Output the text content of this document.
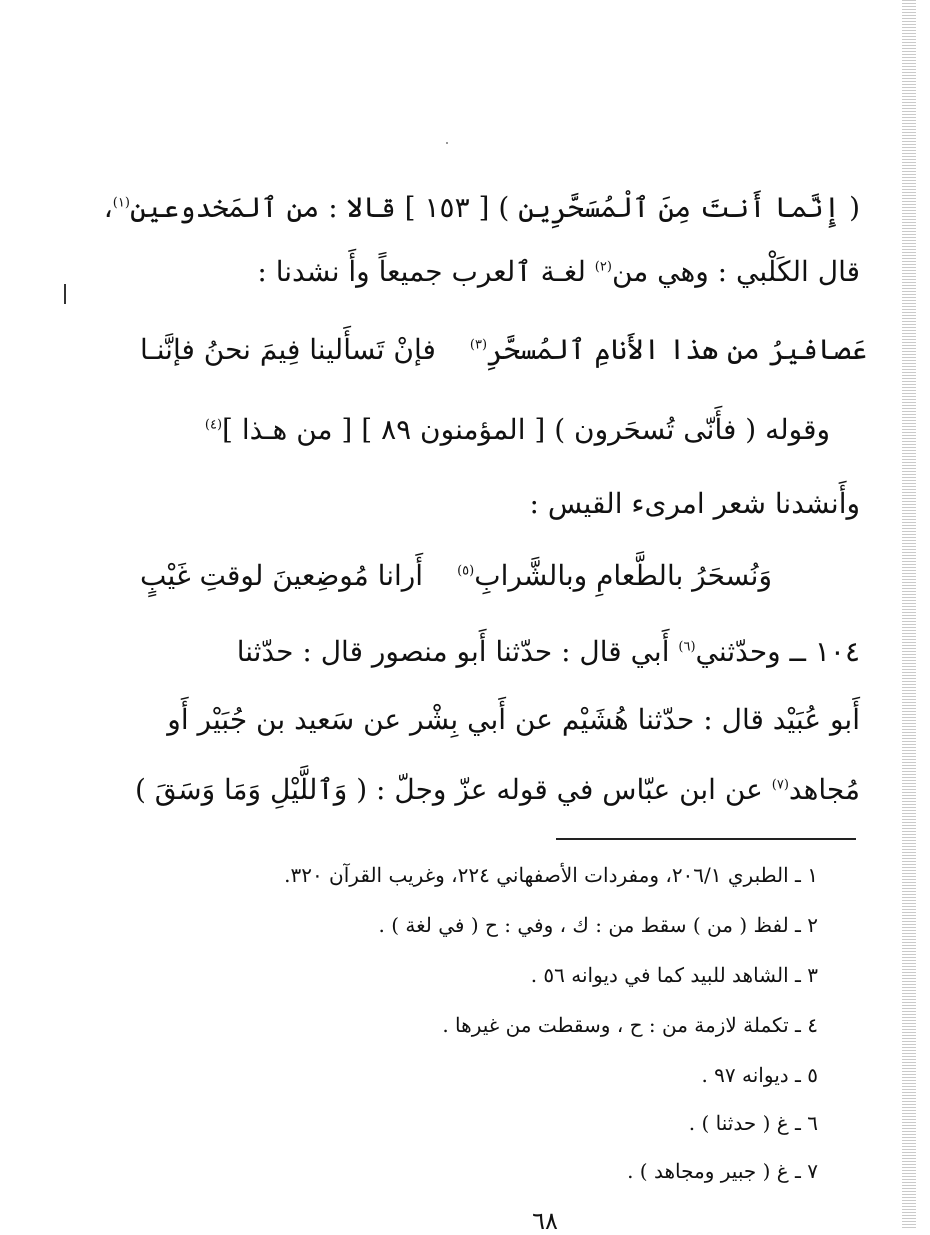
( إِنَّما أَنتَ مِنَ ٱلْمُسَحَّرِين ) [ ١٥٣ ] قالا : من ٱلمَخدوعين$^{(١)}$،
قال الكَلْبي : وهي من$^{(٢)}$ لغـة ٱلعرب جميعاً وأَ نشدنا :
فإنْ تَسأَلينا فِيمَ نحنُ فإنَّنـا عَصافيرُ من هذا الأَنامِ ٱلمُسحَّرِ$^{(٣)}$
وقوله ( فأَنّى تُسحَرون ) [ المؤمنون ٨٩ ] [ من هـذا ]$^{(٤)}$
وأَنشدنا شعر امرىء القيس :
أَرانا مُوضِعينَ لوقتِ غَيْبٍ وَنُسحَرُ بالطَّعامِ وبالشَّرابِ$^{(٥)}$
١٠٤ ــ وحدّثني$^{(٦)}$ أَبي قال : حدّثنا أَبو منصور قال : حدّثنا
أَبو عُبَيْد قال : حدّثنا هُشَيْم عن أَبي بِشْر عن سَعيد بن جُبَيْر أَو
مُجاهد$^{(٧)}$ عن ابن عبّاس في قوله عزّ وجلّ : ( وَٱللَّيْلِ وَمَا وَسَقَ )
١ ـ الطبري ٢٠٦/١، ومفردات الأصفهاني ٢٢٤، وغريب القرآن ٣٢٠.
٢ ـ لفظ ( من ) سقط من : ك ، وفي : ح ( في لغة ) .
٣ ـ الشاهد للبيد كما في ديوانه ٥٦ .
٤ ـ تكملة لازمة من : ح ، وسقطت من غيرها .
٥ ـ ديوانه ٩٧ .
٦ ـ غ ( حدثنا ) .
٧ ـ غ ( جبير ومجاهد ) .
٦٨
